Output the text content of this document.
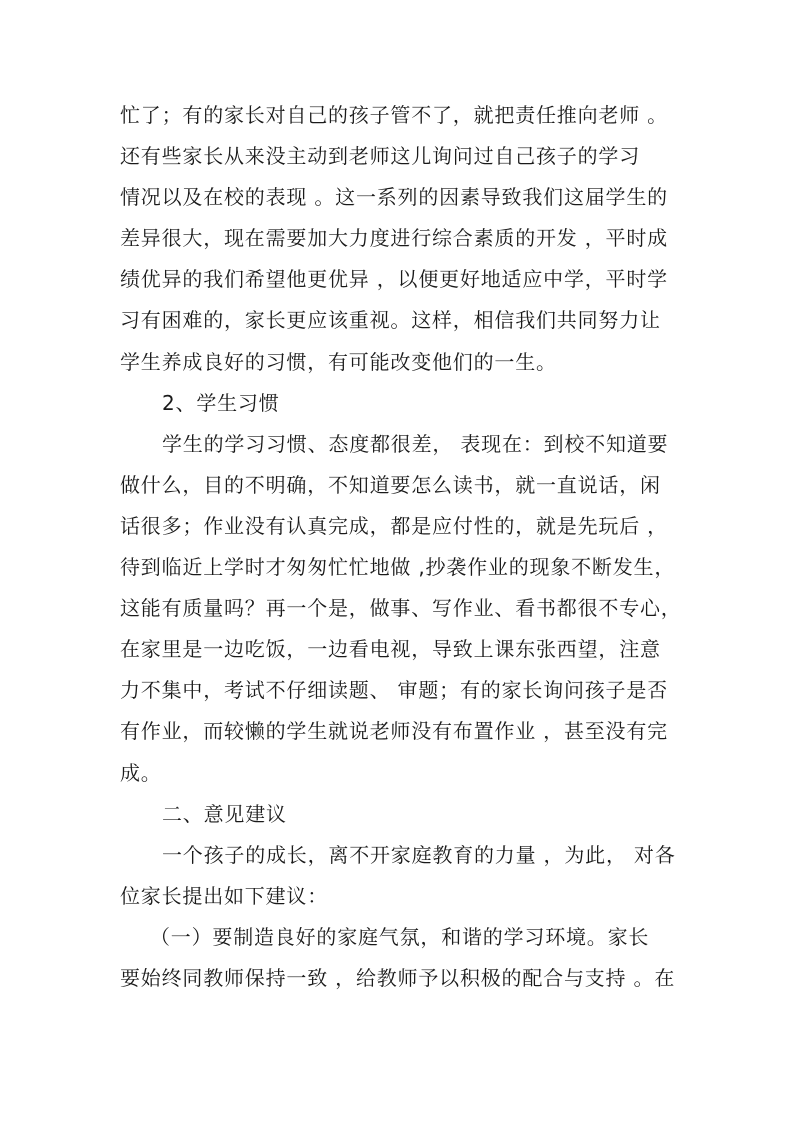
忙了；有的家长对自己的孩子管不了，就把责任推向老师 。
还有些家长从来没主动到老师这儿询问过自己孩子的学习
情况以及在校的表现 。这一系列的因素导致我们这届学生的
差异很大，现在需要加大力度进行综合素质的开发 ，平时成
绩优异的我们希望他更优异 ，以便更好地适应中学，平时学
习有困难的，家长更应该重视。这样，相信我们共同努力让
学生养成良好的习惯，有可能改变他们的一生。
2、学生习惯
学生的学习习惯、态度都很差， 表现在：到校不知道要
做什么，目的不明确，不知道要怎么读书，就一直说话，闲
话很多；作业没有认真完成，都是应付性的，就是先玩后 ，
待到临近上学时才匆匆忙忙地做 ,抄袭作业的现象不断发生，
这能有质量吗？再一个是，做事、写作业、看书都很不专心，
在家里是一边吃饭，一边看电视，导致上课东张西望，注意
力不集中，考试不仔细读题、 审题；有的家长询问孩子是否
有作业，而较懒的学生就说老师没有布置作业 ，甚至没有完
成。
二、意见建议
一个孩子的成长，离不开家庭教育的力量 ，为此， 对各
位家长提出如下建议：
（一）要制造良好的家庭气氛，和谐的学习环境。家长
要始终同教师保持一致 ，给教师予以积极的配合与支持 。在
